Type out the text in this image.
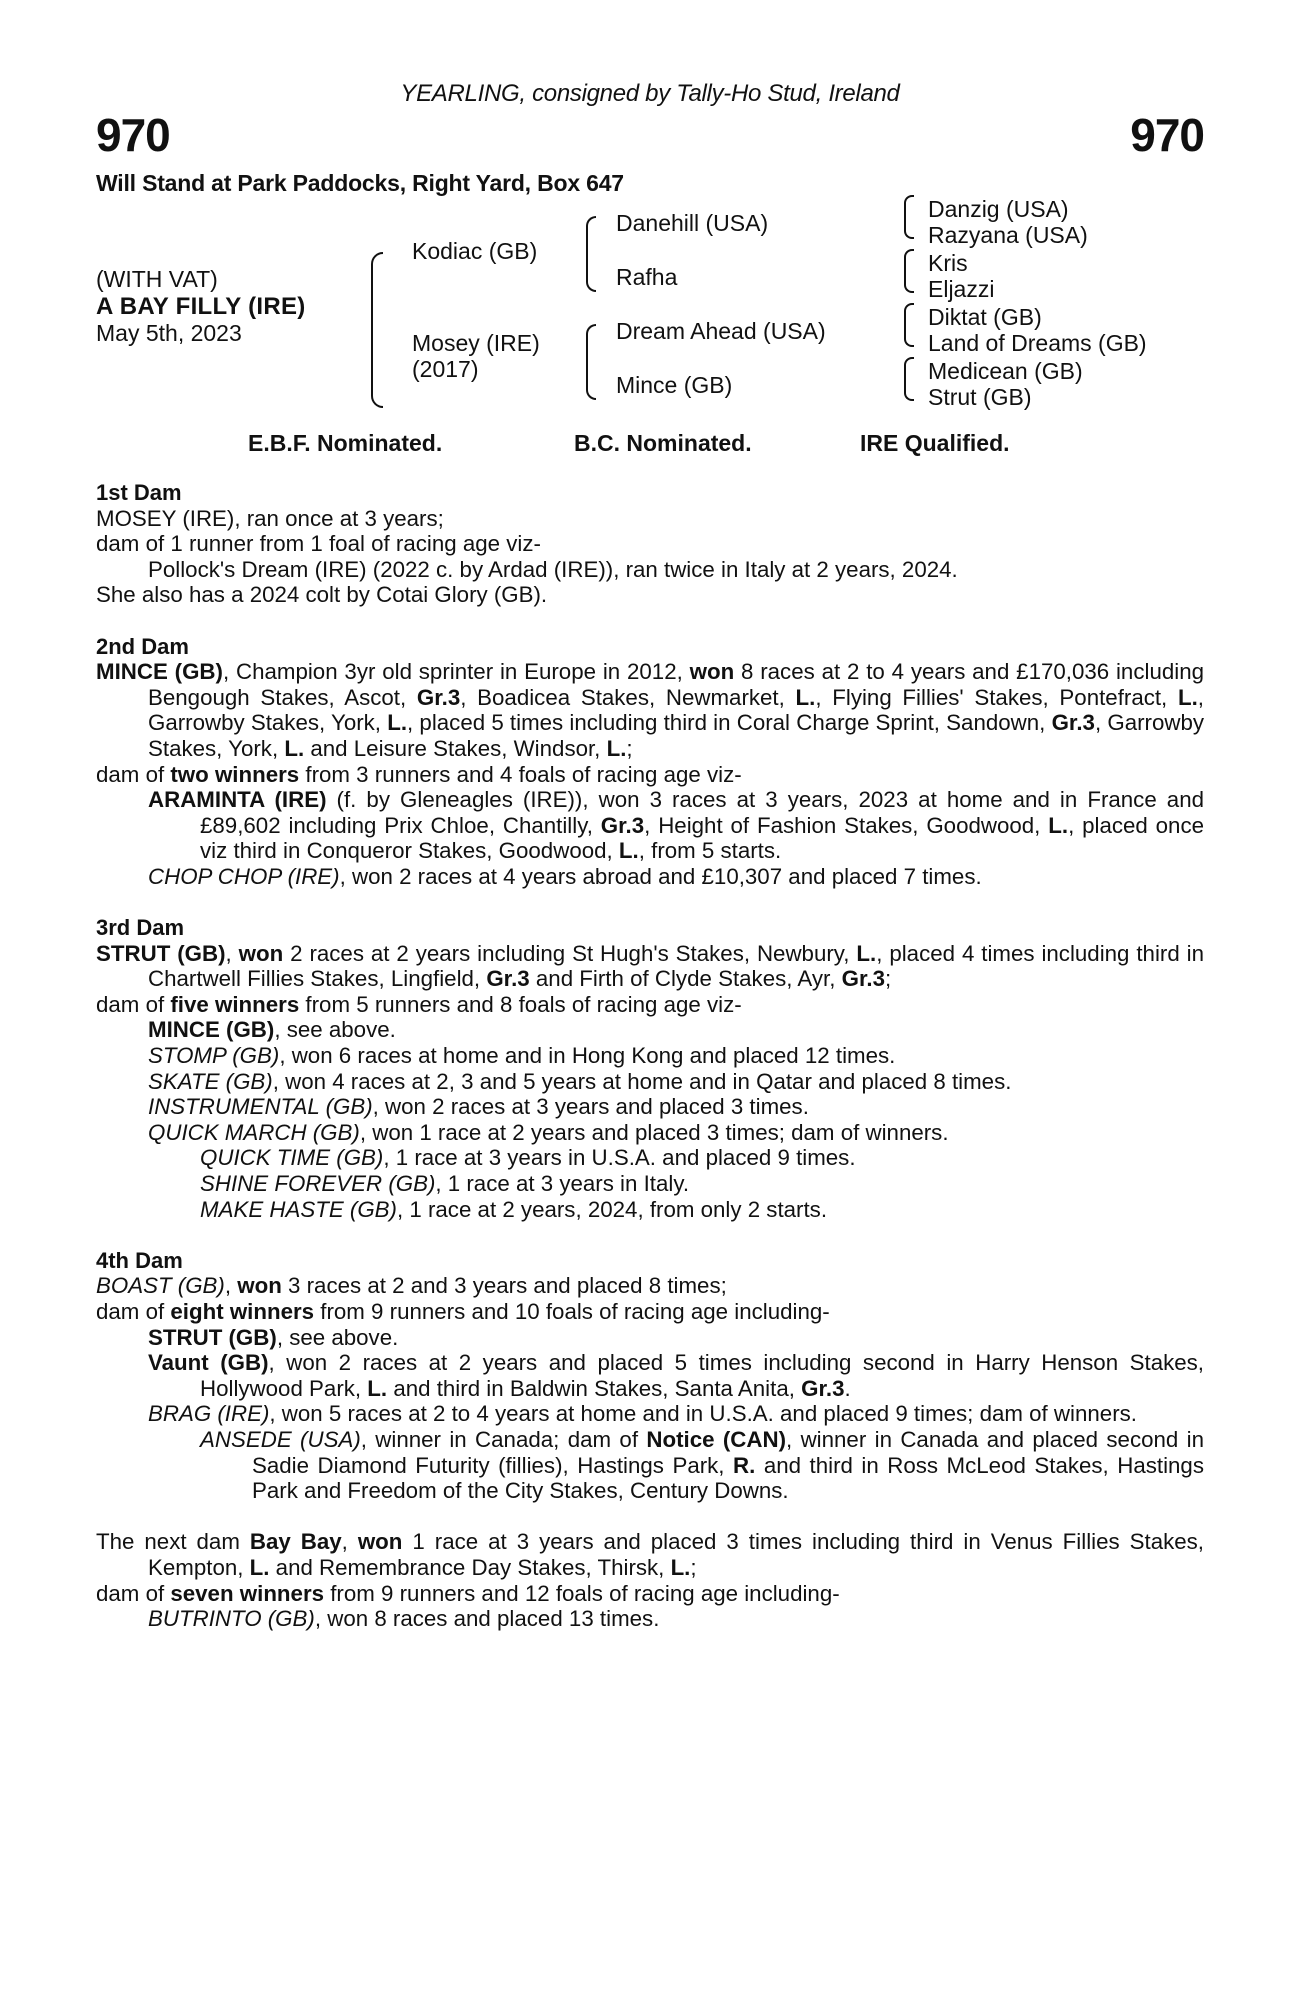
YEARLING, consigned by Tally-Ho Stud, Ireland
970	970
Will Stand at Park Paddocks, Right Yard, Box 647
(WITH VAT)
A BAY FILLY (IRE)
May 5th, 2023
Kodiac (GB)
Mosey (IRE)
(2017)
Danehill (USA)
Rafha
Dream Ahead (USA)
Mince (GB)
Danzig (USA)
Razyana (USA)
Kris
Eljazzi
Diktat (GB)
Land of Dreams (GB)
Medicean (GB)
Strut (GB)
E.B.F. Nominated.	B.C. Nominated.	IRE Qualified.
1st Dam
MOSEY (IRE), ran once at 3 years;
dam of 1 runner from 1 foal of racing age viz-
Pollock's Dream (IRE) (2022 c. by Ardad (IRE)), ran twice in Italy at 2 years, 2024.
She also has a 2024 colt by Cotai Glory (GB).
2nd Dam
MINCE (GB), Champion 3yr old sprinter in Europe in 2012, won 8 races at 2 to 4 years and £170,036 including Bengough Stakes, Ascot, Gr.3, Boadicea Stakes, Newmarket, L., Flying Fillies' Stakes, Pontefract, L., Garrowby Stakes, York, L., placed 5 times including third in Coral Charge Sprint, Sandown, Gr.3, Garrowby Stakes, York, L. and Leisure Stakes, Windsor, L.;
dam of two winners from 3 runners and 4 foals of racing age viz-
ARAMINTA (IRE) (f. by Gleneagles (IRE)), won 3 races at 3 years, 2023 at home and in France and £89,602 including Prix Chloe, Chantilly, Gr.3, Height of Fashion Stakes, Goodwood, L., placed once viz third in Conqueror Stakes, Goodwood, L., from 5 starts.
CHOP CHOP (IRE), won 2 races at 4 years abroad and £10,307 and placed 7 times.
3rd Dam
STRUT (GB), won 2 races at 2 years including St Hugh's Stakes, Newbury, L., placed 4 times including third in Chartwell Fillies Stakes, Lingfield, Gr.3 and Firth of Clyde Stakes, Ayr, Gr.3;
dam of five winners from 5 runners and 8 foals of racing age viz-
MINCE (GB), see above.
STOMP (GB), won 6 races at home and in Hong Kong and placed 12 times.
SKATE (GB), won 4 races at 2, 3 and 5 years at home and in Qatar and placed 8 times.
INSTRUMENTAL (GB), won 2 races at 3 years and placed 3 times.
QUICK MARCH (GB), won 1 race at 2 years and placed 3 times; dam of winners.
QUICK TIME (GB), 1 race at 3 years in U.S.A. and placed 9 times.
SHINE FOREVER (GB), 1 race at 3 years in Italy.
MAKE HASTE (GB), 1 race at 2 years, 2024, from only 2 starts.
4th Dam
BOAST (GB), won 3 races at 2 and 3 years and placed 8 times;
dam of eight winners from 9 runners and 10 foals of racing age including-
STRUT (GB), see above.
Vaunt (GB), won 2 races at 2 years and placed 5 times including second in Harry Henson Stakes, Hollywood Park, L. and third in Baldwin Stakes, Santa Anita, Gr.3.
BRAG (IRE), won 5 races at 2 to 4 years at home and in U.S.A. and placed 9 times; dam of winners.
ANSEDE (USA), winner in Canada; dam of Notice (CAN), winner in Canada and placed second in Sadie Diamond Futurity (fillies), Hastings Park, R. and third in Ross McLeod Stakes, Hastings Park and Freedom of the City Stakes, Century Downs.
The next dam Bay Bay, won 1 race at 3 years and placed 3 times including third in Venus Fillies Stakes, Kempton, L. and Remembrance Day Stakes, Thirsk, L.;
dam of seven winners from 9 runners and 12 foals of racing age including-
BUTRINTO (GB), won 8 races and placed 13 times.
